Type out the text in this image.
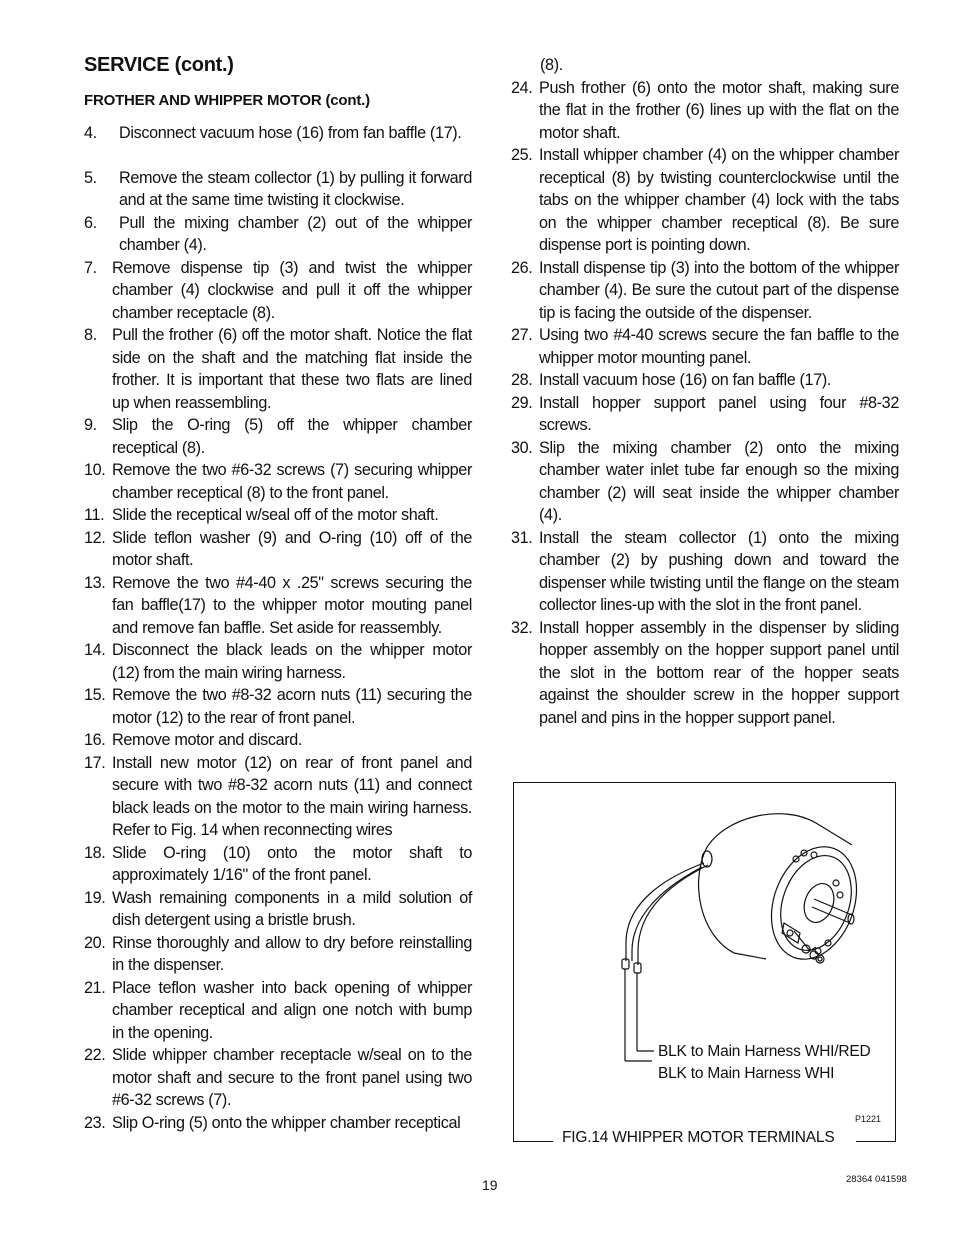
SERVICE (cont.)
FROTHER AND WHIPPER MOTOR (cont.)

4. Disconnect vacuum hose (16) from fan baffle (17).

5. Remove the steam collector (1) by pulling it forward and at the same time twisting it clockwise.

6. Pull the mixing chamber (2) out of the whipper chamber (4).

7. Remove dispense tip (3) and twist the whipper chamber (4) clockwise and pull it off the whipper chamber receptacle (8).

8. Pull the frother (6) off the motor shaft. Notice the flat side on the shaft and the matching flat inside the frother. It is important that these two flats are lined up when reassembling.

9. Slip the O-ring (5) off the whipper chamber receptical (8).

10. Remove the two #6-32 screws (7) securing whipper chamber receptical (8) to the front panel.

11. Slide the receptical w/seal off of the motor shaft.

12. Slide teflon washer (9) and O-ring (10) off of the motor shaft.

13. Remove the two #4-40 x .25" screws securing the fan baffle(17) to the whipper motor mouting panel and remove fan baffle. Set aside for reassembly.

14. Disconnect the black leads on the whipper motor (12) from the main wiring harness.

15. Remove the two #8-32 acorn nuts (11) securing the motor (12) to the rear of front panel.

16. Remove motor and discard.

17. Install new motor (12) on rear of front panel and secure with two #8-32 acorn nuts (11) and connect black leads on the motor to the main wiring harness. Refer to Fig. 14 when reconnecting wires

18. Slide O-ring (10) onto the motor shaft to approximately 1/16" of the front panel.

19. Wash remaining components in a mild solution of dish detergent using a bristle brush.

20. Rinse thoroughly and allow to dry before reinstalling in the dispenser.

21. Place teflon washer into back opening of whipper chamber receptical and align one notch with bump in the opening.

22. Slide whipper chamber receptacle w/seal on to the motor shaft and secure to the front panel using two #6-32 screws (7).

23. Slip O-ring (5) onto the whipper chamber receptical

(8).

24. Push frother (6) onto the motor shaft, making sure the flat in the frother (6) lines up with the flat on the motor shaft.

25. Install whipper chamber (4) on the whipper chamber receptical (8) by twisting counterclockwise until the tabs on the whipper chamber (4) lock with the tabs on the whipper chamber receptical (8). Be sure dispense port is pointing down.

26. Install dispense tip (3) into the bottom of the whipper chamber (4). Be sure the cutout part of the dispense tip is facing the outside of the dispenser.

27. Using two #4-40 screws secure the fan baffle to the whipper motor mounting panel.

28. Install vacuum hose (16) on fan baffle (17).

29. Install hopper support panel using four #8-32 screws.

30. Slip the mixing chamber (2) onto the mixing chamber water inlet tube far enough so the mixing chamber (2) will seat inside the whipper chamber (4).

31. Install the steam collector (1) onto the mixing chamber (2) by pushing down and toward the dispenser while twisting until the flange on the steam collector lines-up with the slot in the front panel.

32. Install hopper assembly in the dispenser by sliding hopper assembly on the hopper support panel until the slot in the bottom rear of the hopper seats against the shoulder screw in the hopper support panel and pins in the hopper support panel.

BLK to Main Harness WHI/RED
BLK to Main Harness WHI
P1221
FIG.14 WHIPPER MOTOR TERMINALS
19	28364 041598
